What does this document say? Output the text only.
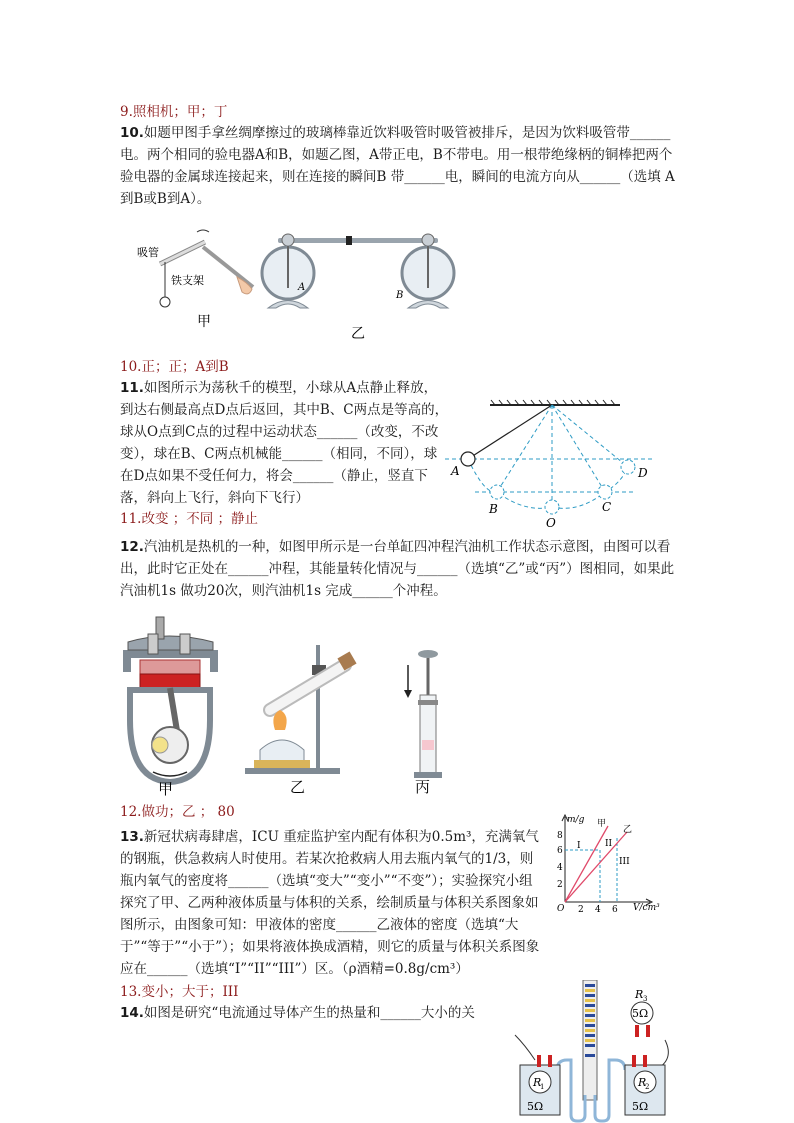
9.照相机；甲；丁
10.如题甲图手拿丝绸摩擦过的玻璃棒靠近饮料吸管时吸管被排斥，是因为饮料吸管带______电。两个相同的验电器A和B，如题乙图，A带正电，B不带电。用一根带绝缘柄的铜棒把两个验电器的金属球连接起来，则在连接的瞬间B 带______电，瞬间的电流方向从______（选填 A到B或B到A）。
吸管
铁支架
甲
A
B
乙
10.正；正；A到B
11.如图所示为荡秋千的模型，小球从A点静止释放，到达右侧最高点D点后返回，其中B、C两点是等高的，球从O点到C点的过程中运动状态______（改变，不改变），球在B、C两点机械能______（相同，不同），球在D点如果不受任何力，将会______（静止，竖直下落，斜向上飞行，斜向下飞行）
A
B
O
C
D
11.改变 ；不同 ；静止
12.汽油机是热机的一种，如图甲所示是一台单缸四冲程汽油机工作状态示意图，由图可以看出，此时它正处在______冲程，其能量转化情况与______（选填“乙”或“丙”）图相同，如果此汽油机1s 做功20次，则汽油机1s 完成______个冲程。
甲	乙	丙
12.做功；乙 ； 80
13.新冠状病毒肆虐，ICU 重症监护室内配有体积为0.5m³，充满氧气的钢瓶，供急救病人时使用。若某次抢救病人用去瓶内氧气的1/3，则瓶内氧气的密度将______（选填“变大”“变小”“不变”）；实验探究小组探究了甲、乙两种液体质量与体积的关系，绘制质量与体积关系图象如图所示，由图象可知：甲液体的密度______乙液体的密度（选填“大于”“等于”“小于”）；如果将液体换成酒精，则它的质量与体积关系图象应在______（选填“I”“II”“III”）区。（ρ酒精=0.8g/cm³）
m/g
8
6
4
2
O 2 4 6 V/cm³
甲
乙
I	II
III
13.变小；大于；III
14.如图是研究“电流通过导体产生的热量和______大小的关
R
1	R
2
R 3
5Ω
5Ω	5Ω
